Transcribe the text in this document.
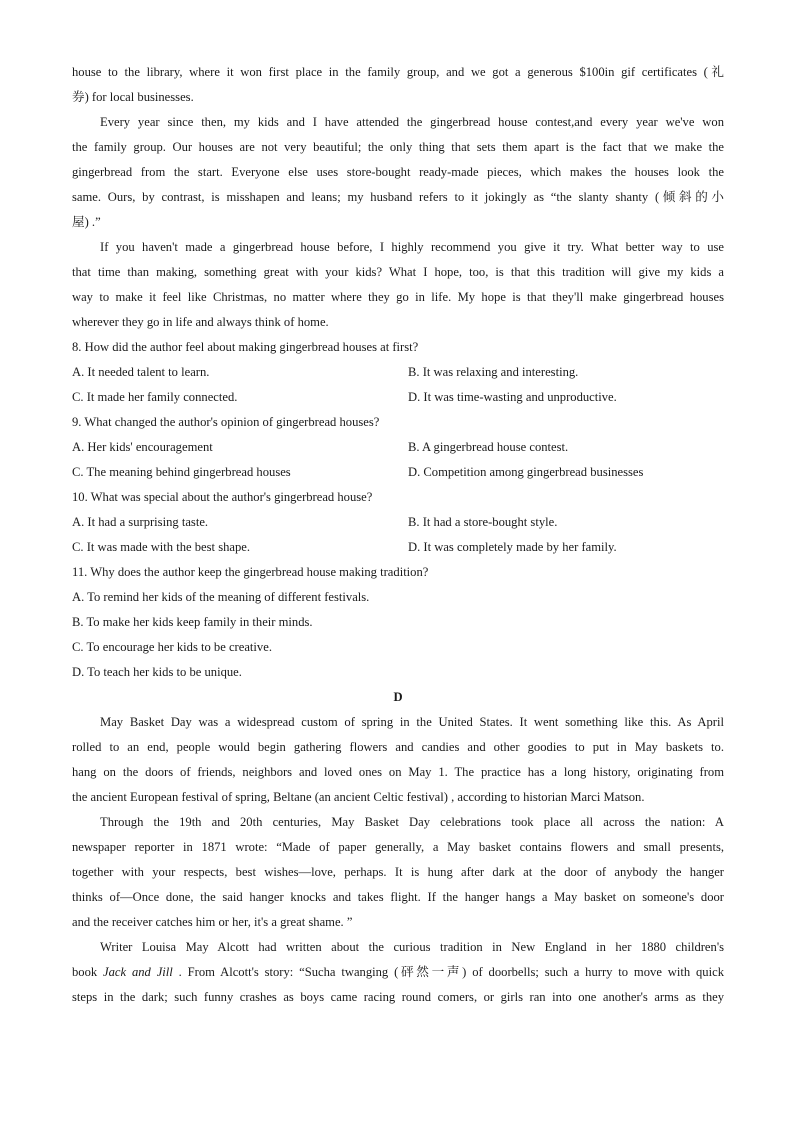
house to the library, where it won first place in the family group, and we got a generous $100in gif certificates (礼
券) for local businesses.
Every year since then, my kids and I have attended the gingerbread house contest,and every year we've won
the family group. Our houses are not very beautiful; the only thing that sets them apart is the fact that we make the
gingerbread from the start. Everyone else uses store-bought ready-made pieces, which makes the houses look the
same. Ours, by contrast, is misshapen and leans; my husband refers to it jokingly as “the slanty shanty (倾斜的小
屋) .”
If you haven't made a gingerbread house before, I highly recommend you give it try. What better way to use
that time than making, something great with your kids? What I hope, too, is that this tradition will give my kids a
way to make it feel like Christmas, no matter where they go in life. My hope is that they'll make gingerbread houses
wherever they go in life and always think of home.
8. How did the author feel about making gingerbread houses at first?
A. It needed talent to learn.	B. It was relaxing and interesting.
C. It made her family connected.	D. It was time-wasting and unproductive.
9. What changed the author's opinion of gingerbread houses?
A. Her kids' encouragement	B. A gingerbread house contest.
C. The meaning behind gingerbread houses	D. Competition among gingerbread businesses
10. What was special about the author's gingerbread house?
A. It had a surprising taste.	B. It had a store-bought style.
C. It was made with the best shape.	D. It was completely made by her family.
11. Why does the author keep the gingerbread house making tradition?
A. To remind her kids of the meaning of different festivals.
B. To make her kids keep family in their minds.
C. To encourage her kids to be creative.
D. To teach her kids to be unique.
D
May Basket Day was a widespread custom of spring in the United States. It went something like this. As April
rolled to an end, people would begin gathering flowers and candies and other goodies to put in May baskets to.
hang on the doors of friends, neighbors and loved ones on May 1. The practice has a long history, originating from
the ancient European festival of spring, Beltane (an ancient Celtic festival) , according to historian Marci Matson.
Through the 19th and 20th centuries, May Basket Day celebrations took place all across the nation: A
newspaper reporter in 1871 wrote: “Made of paper generally, a May basket contains flowers and small presents,
together with your respects, best wishes—love, perhaps. It is hung after dark at the door of anybody the hanger
thinks of—Once done, the said hanger knocks and takes flight. If the hanger hangs a May basket on someone's door
and the receiver catches him or her, it's a great shame. ”
Writer Louisa May Alcott had written about the curious tradition in New England in her 1880 children's
book Jack and Jill . From Alcott's story: “Sucha twanging (砰然一声) of doorbells; such a hurry to move with quick
steps in the dark; such funny crashes as boys came racing round comers, or girls ran into one another's arms as they
